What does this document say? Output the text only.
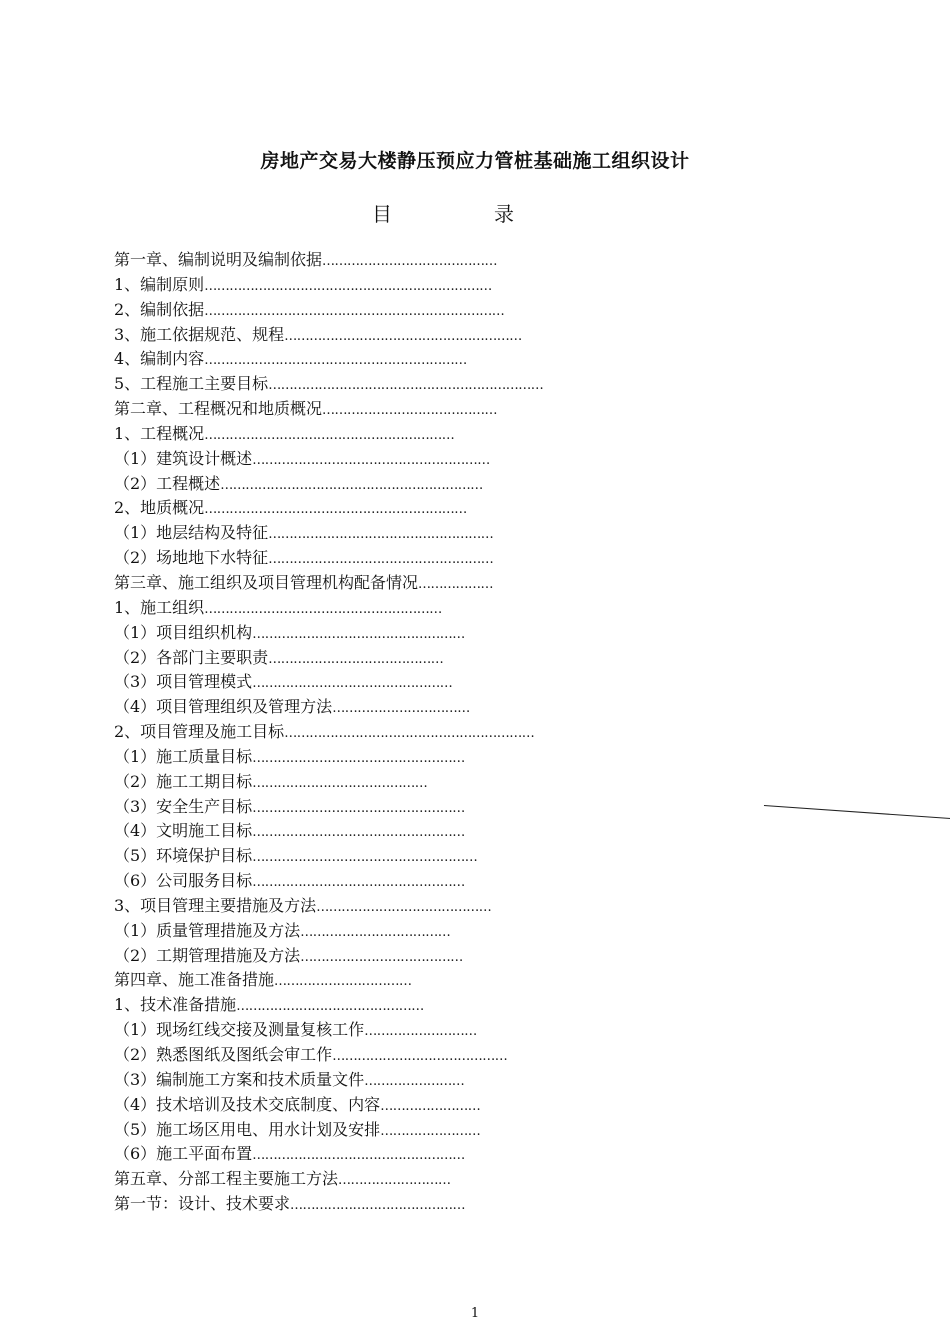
房地产交易大楼静压预应力管桩基础施工组织设计
目	录
第一章、编制说明及编制依据……………………………………
1、编制原则……………………………………………………………
2、编制依据………………………………………………………………
3、施工依据规范、规程…………………………………………………
4、编制内容………………………………………………………
5、工程施工主要目标…………………………………………………………
第二章、工程概况和地质概况……………………………………
1、工程概况……………………………………………………
（1）建筑设计概述…………………………………………………
（2）工程概述………………………………………………………
2、地质概况………………………………………………………
（1）地层结构及特征………………………………………………
（2）场地地下水特征………………………………………………
第三章、施工组织及项目管理机构配备情况………………
1、施工组织…………………………………………………
（1）项目组织机构……………………………………………
（2）各部门主要职责……………………………………
（3）项目管理模式…………………………………………
（4）项目管理组织及管理方法……………………………
2、项目管理及施工目标……………………………………………………
（1）施工质量目标……………………………………………
（2）施工工期目标……………………………………
（3）安全生产目标……………………………………………
（4）文明施工目标……………………………………………
（5）环境保护目标………………………………………………
（6）公司服务目标……………………………………………
3、项目管理主要措施及方法……………………………………
（1）质量管理措施及方法………………………………
（2）工期管理措施及方法…………………………………
第四章、施工准备措施……………………………
1、技术准备措施………………………………………
（1）现场红线交接及测量复核工作………………………
（2）熟悉图纸及图纸会审工作……………………………………
（3）编制施工方案和技术质量文件……………………
（4）技术培训及技术交底制度、内容……………………
（5）施工场区用电、用水计划及安排……………………
（6）施工平面布置……………………………………………
第五章、分部工程主要施工方法………………………
第一节：设计、技术要求……………………………………
1
